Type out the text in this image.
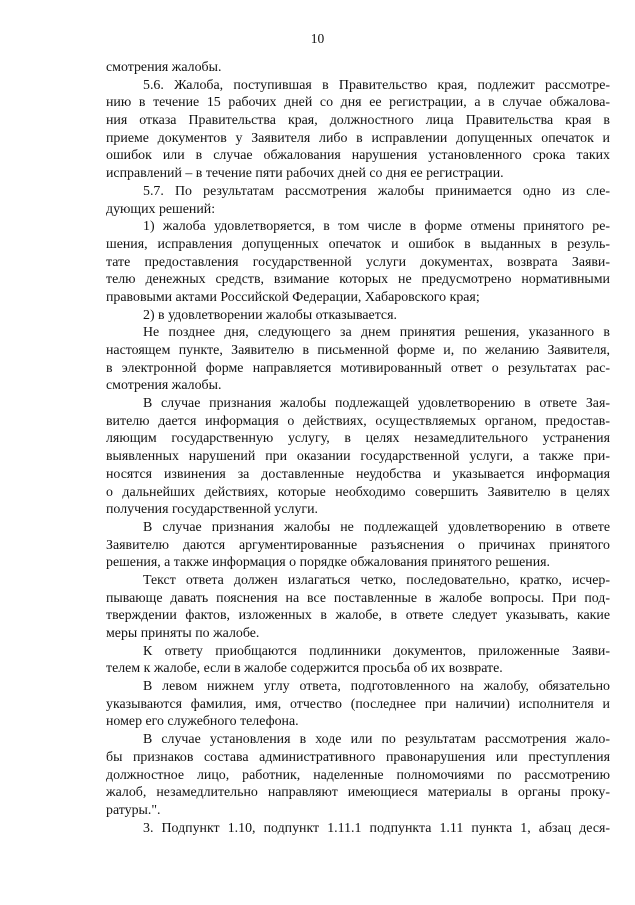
10
смотрения жалобы.
5.6. Жалоба, поступившая в Правительство края, подлежит рассмотре-
нию в течение 15 рабочих дней со дня ее регистрации, а в случае обжалова-
ния отказа Правительства края, должностного лица Правительства края в
приеме документов у Заявителя либо в исправлении допущенных опечаток и
ошибок или в случае обжалования нарушения установленного срока таких
исправлений – в течение пяти рабочих дней со дня ее регистрации.
5.7. По результатам рассмотрения жалобы принимается одно из сле-
дующих решений:
1) жалоба удовлетворяется, в том числе в форме отмены принятого ре-
шения, исправления допущенных опечаток и ошибок в выданных в резуль-
тате предоставления государственной услуги документах, возврата Заяви-
телю денежных средств, взимание которых не предусмотрено нормативными
правовыми актами Российской Федерации, Хабаровского края;
2) в удовлетворении жалобы отказывается.
Не позднее дня, следующего за днем принятия решения, указанного в
настоящем пункте, Заявителю в письменной форме и, по желанию Заявителя,
в электронной форме направляется мотивированный ответ о результатах рас-
смотрения жалобы.
В случае признания жалобы подлежащей удовлетворению в ответе Зая-
вителю дается информация о действиях, осуществляемых органом, предостав-
ляющим государственную услугу, в целях незамедлительного устранения
выявленных нарушений при оказании государственной услуги, а также при-
носятся извинения за доставленные неудобства и указывается информация
о дальнейших действиях, которые необходимо совершить Заявителю в целях
получения государственной услуги.
В случае признания жалобы не подлежащей удовлетворению в ответе
Заявителю даются аргументированные разъяснения о причинах принятого
решения, а также информация о порядке обжалования принятого решения.
Текст ответа должен излагаться четко, последовательно, кратко, исчер-
пывающе давать пояснения на все поставленные в жалобе вопросы. При под-
тверждении фактов, изложенных в жалобе, в ответе следует указывать, какие
меры приняты по жалобе.
К ответу приобщаются подлинники документов, приложенные Заяви-
телем к жалобе, если в жалобе содержится просьба об их возврате.
В левом нижнем углу ответа, подготовленного на жалобу, обязательно
указываются фамилия, имя, отчество (последнее при наличии) исполнителя и
номер его служебного телефона.
В случае установления в ходе или по результатам рассмотрения жало-
бы признаков состава административного правонарушения или преступления
должностное лицо, работник, наделенные полномочиями по рассмотрению
жалоб, незамедлительно направляют имеющиеся материалы в органы проку-
ратуры.".
3. Подпункт 1.10, подпункт 1.11.1 подпункта 1.11 пункта 1, абзац деся-
